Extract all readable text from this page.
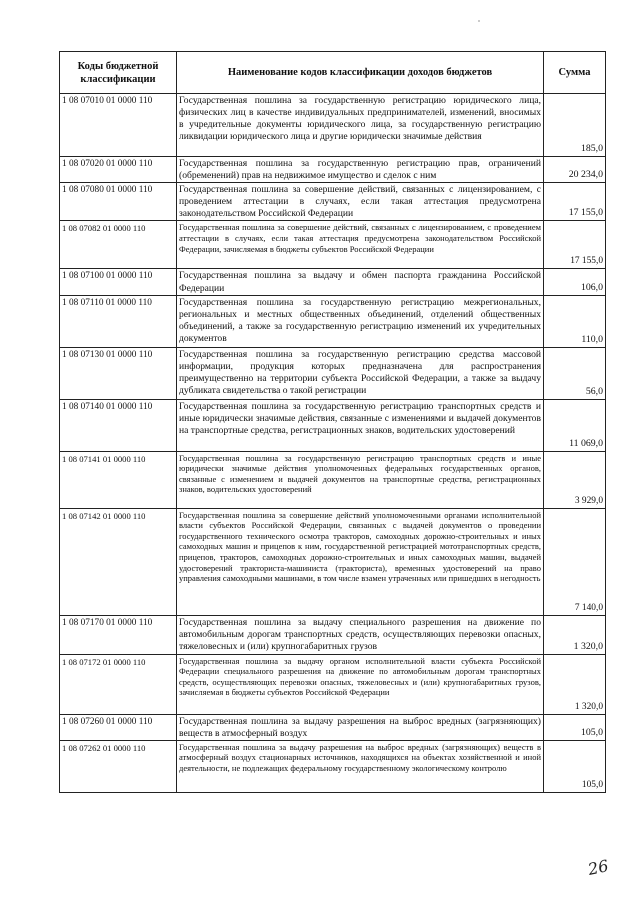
Коды бюджетной классификации	Наименование кодов классификации доходов бюджетов	Сумма
1 08 07010 01 0000 110	Государственная пошлина за государственную регистрацию юридического лица, физических лиц в качестве индивидуальных предпринимателей, изменений, вносимых в учредительные документы юридического лица, за государственную регистрацию ликвидации юридического лица и другие юридически значимые действия	185,0
1 08 07020 01 0000 110	Государственная пошлина за государственную регистрацию прав, ограничений (обременений) прав на недвижимое имущество и сделок с ним	20 234,0
1 08 07080 01 0000 110	Государственная пошлина за совершение действий, связанных с лицензированием, с проведением аттестации в случаях, если такая аттестация предусмотрена законодательством Российской Федерации	17 155,0
1 08 07082 01 0000 110	Государственная пошлина за совершение действий, связанных с лицензированием, с проведением аттестации в случаях, если такая аттестация предусмотрена законодательством Российской Федерации, зачисляемая в бюджеты субъектов Российской Федерации	17 155,0
1 08 07100 01 0000 110	Государственная пошлина за выдачу и обмен паспорта гражданина Российской Федерации	106,0
1 08 07110 01 0000 110	Государственная пошлина за государственную регистрацию межрегиональных, региональных и местных общественных объединений, отделений общественных объединений, а также за государственную регистрацию изменений их учредительных документов	110,0
1 08 07130 01 0000 110	Государственная пошлина за государственную регистрацию средства массовой информации, продукция которых предназначена для распространения преимущественно на территории субъекта Российской Федерации, а также за выдачу дубликата свидетельства о такой регистрации	56,0
1 08 07140 01 0000 110	Государственная пошлина за государственную регистрацию транспортных средств и иные юридически значимые действия, связанные с изменениями и выдачей документов на транспортные средства, регистрационных знаков, водительских удостоверений	11 069,0
1 08 07141 01 0000 110	Государственная пошлина за государственную регистрацию транспортных средств и иные юридически значимые действия уполномоченных федеральных государственных органов, связанные с изменением и выдачей документов на транспортные средства, регистрационных знаков, водительских удостоверений	3 929,0
1 08 07142 01 0000 110	Государственная пошлина за совершение действий уполномоченными органами исполнительной власти субъектов Российской Федерации, связанных с выдачей документов о проведении государственного технического осмотра тракторов, самоходных дорожно-строительных и иных самоходных машин и прицепов к ним, государственной регистрацией мототранспортных средств, прицепов, тракторов, самоходных дорожно-строительных и иных самоходных машин, выдачей удостоверений тракториста-машиниста (тракториста), временных удостоверений на право управления самоходными машинами, в том числе взамен утраченных или пришедших в негодность	7 140,0
1 08 07170 01 0000 110	Государственная пошлина за выдачу специального разрешения на движение по автомобильным дорогам транспортных средств, осуществляющих перевозки опасных, тяжеловесных и (или) крупногабаритных грузов	1 320,0
1 08 07172 01 0000 110	Государственная пошлина за выдачу органом исполнительной власти субъекта Российской Федерации специального разрешения на движение по автомобильным дорогам транспортных средств, осуществляющих перевозки опасных, тяжеловесных и (или) крупногабаритных грузов, зачисляемая в бюджеты субъектов Российской Федерации	1 320,0
1 08 07260 01 0000 110	Государственная пошлина за выдачу разрешения на выброс вредных (загрязняющих) веществ в атмосферный воздух	105,0
1 08 07262 01 0000 110	Государственная пошлина за выдачу разрешения на выброс вредных (загрязняющих) веществ в атмосферный воздух стационарных источников, находящихся на объектах хозяйственной и иной деятельности, не подлежащих федеральному государственному экологическому контролю	105,0
26
